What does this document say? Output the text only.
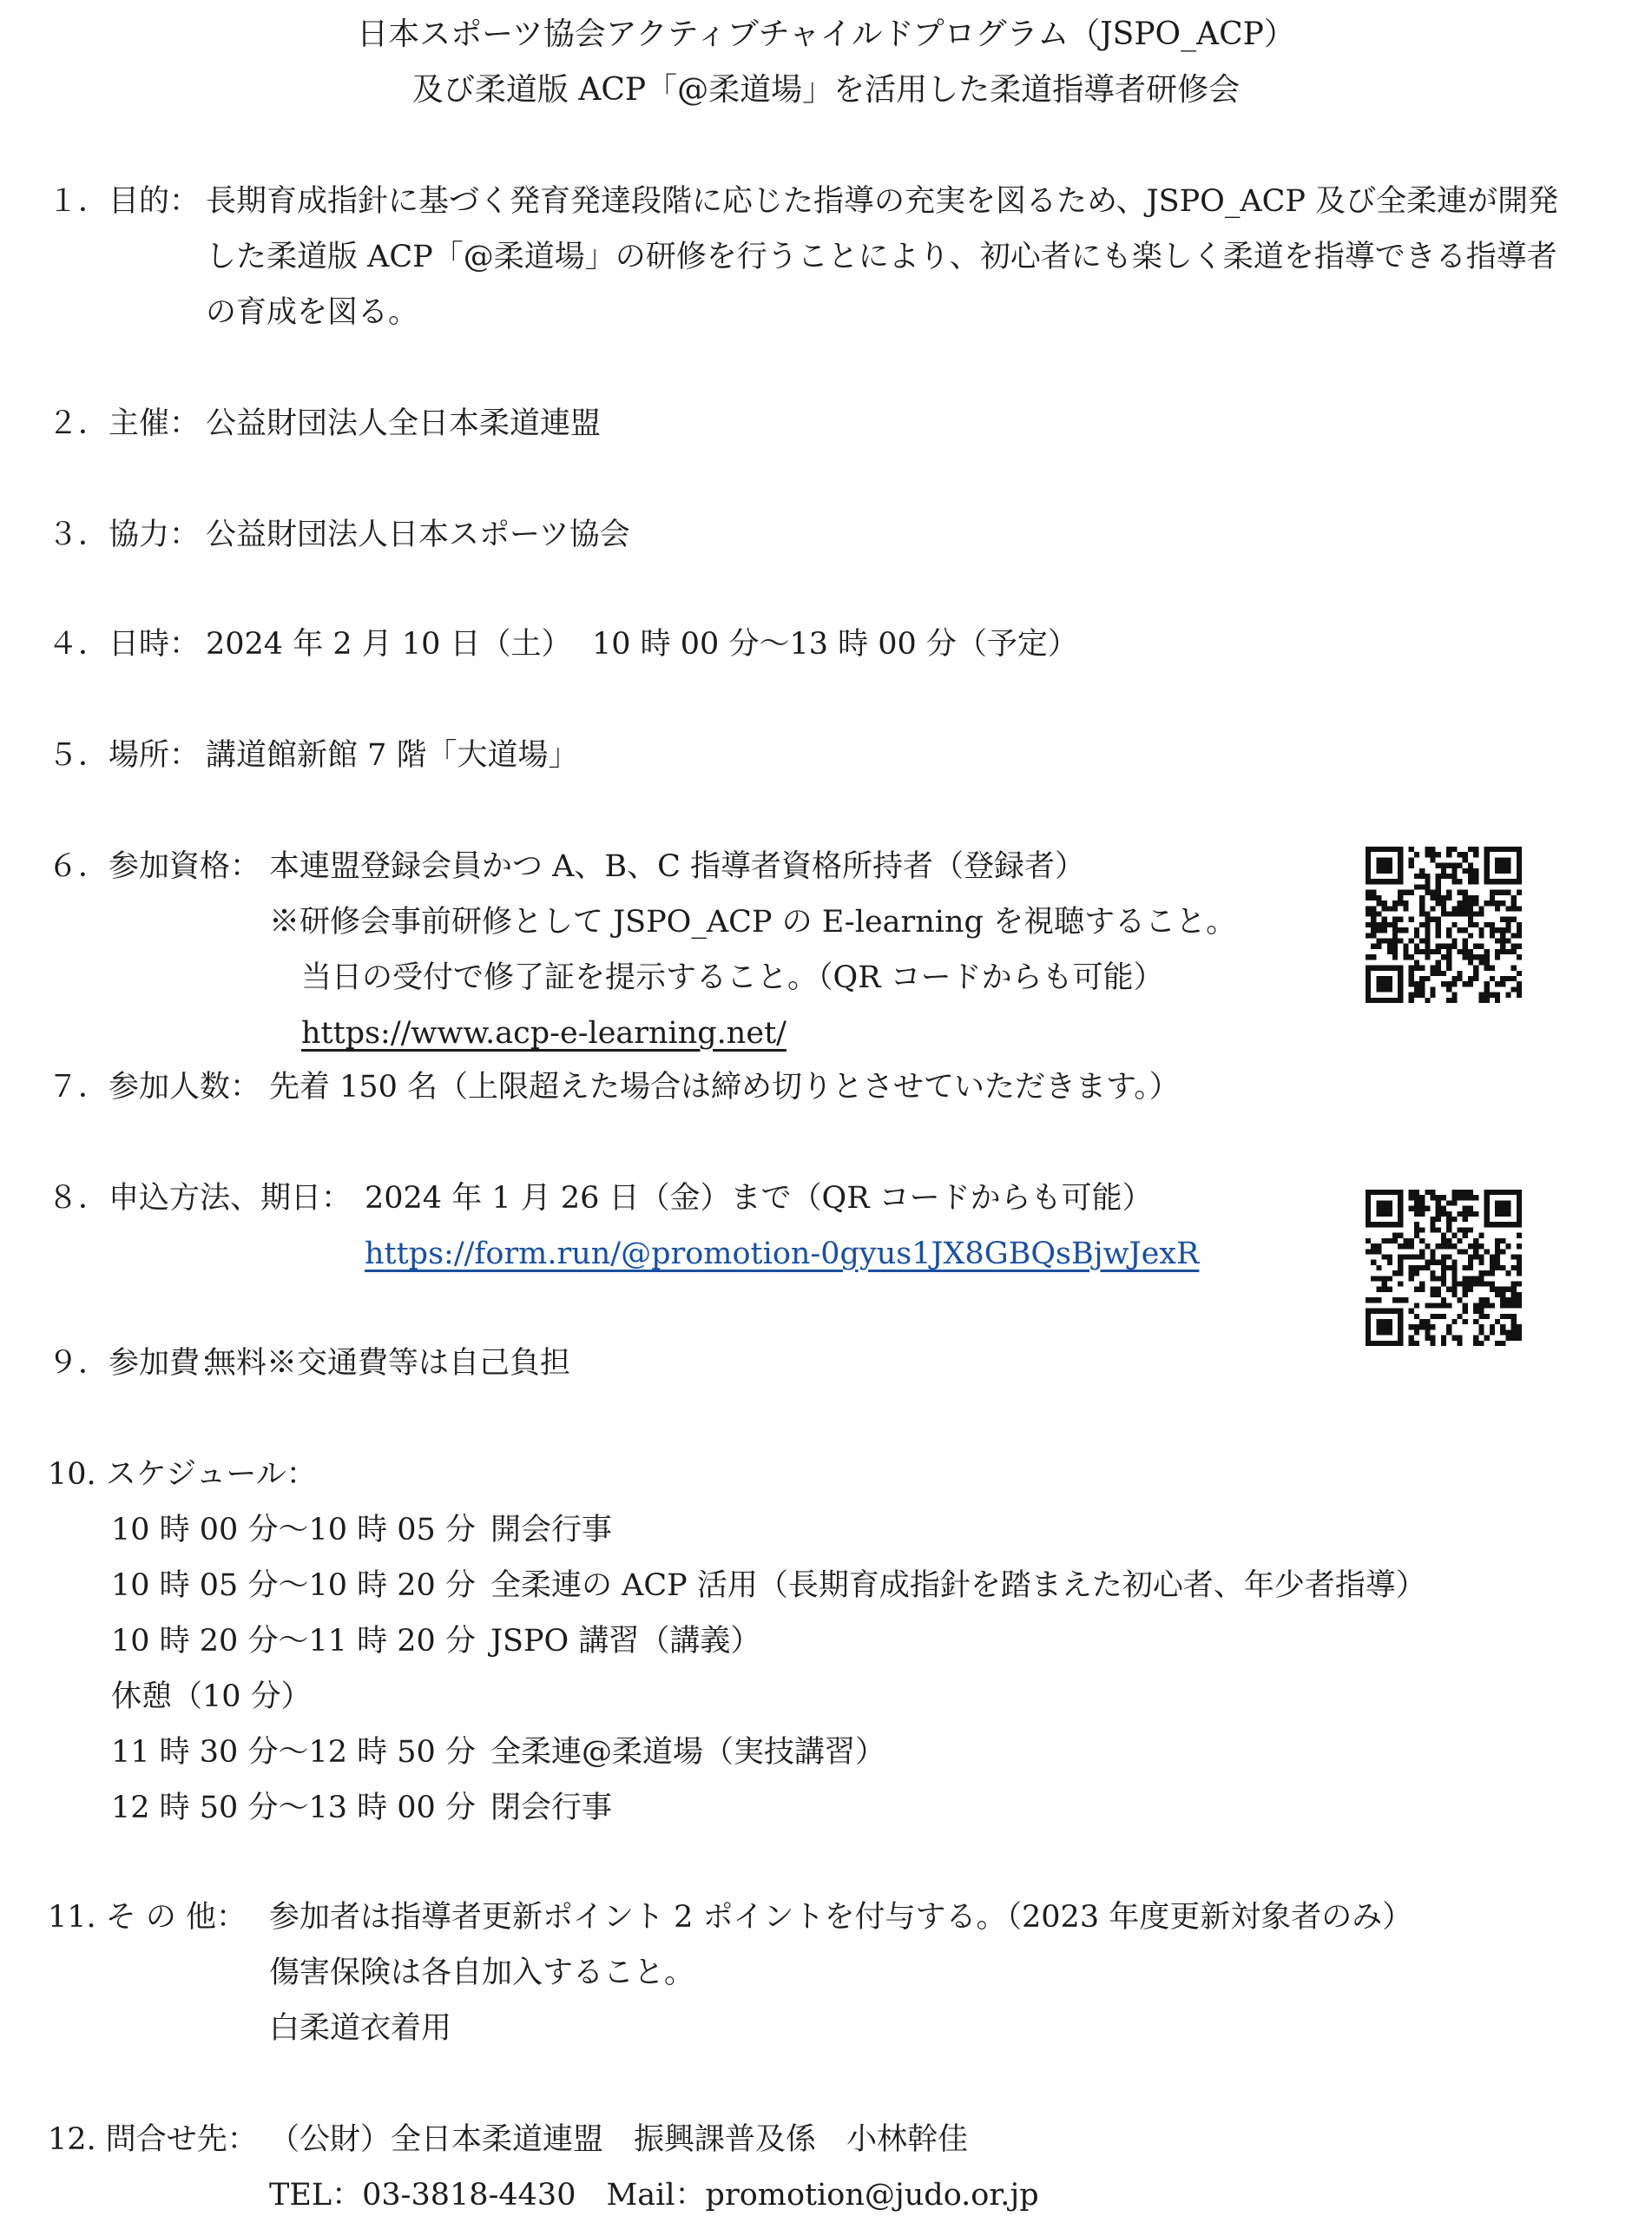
日本スポーツ協会アクティブチャイルドプログラム（JSPO_ACP）
及び柔道版 ACP「@柔道場」を活用した柔道指導者研修会
１．目的： 長期育成指針に基づく発育発達段階に応じた指導の充実を図るため、JSPO_ACP 及び全柔連が開発
した柔道版 ACP「@柔道場」の研修を行うことにより、初心者にも楽しく柔道を指導できる指導者
の育成を図る。
２．主催： 公益財団法人全日本柔道連盟
３．協力： 公益財団法人日本スポーツ協会
４．日時： 2024 年 2 月 10 日（土） 10 時 00 分～13 時 00 分（予定）
５．場所： 講道館新館 7 階「大道場」
６．参加資格： 本連盟登録会員かつ A、B、C 指導者資格所持者（登録者）
※研修会事前研修として JSPO_ACP の E-learning を視聴すること。
当日の受付で修了証を提示すること。（QR コードからも可能）
https://www.acp-e-learning.net/
７．参加人数： 先着 150 名（上限超えた場合は締め切りとさせていただきます。）
８．申込方法、期日： 2024 年 1 月 26 日（金）まで（QR コードからも可能）
https://form.run/@promotion-0gyus1JX8GBQsBjwJexR
９．参加費：
無料※交通費等は自己負担
10. スケジュール：
10 時 00 分～10 時 05 分 開会行事
10 時 05 分～10 時 20 分 全柔連の ACP 活用（長期育成指針を踏まえた初心者、年少者指導）
10 時 20 分～11 時 20 分 JSPO 講習（講義）
休憩（10 分）
11 時 30 分～12 時 50 分 全柔連@柔道場（実技講習）
12 時 50 分～13 時 00 分 閉会行事
11. そ の 他： 参加者は指導者更新ポイント 2 ポイントを付与する。（2023 年度更新対象者のみ）
傷害保険は各自加入すること。
白柔道衣着用
12. 問合せ先： （公財）全日本柔道連盟　振興課普及係　小林幹佳
TEL：03-3818-4430　Mail：promotion@judo.or.jp
